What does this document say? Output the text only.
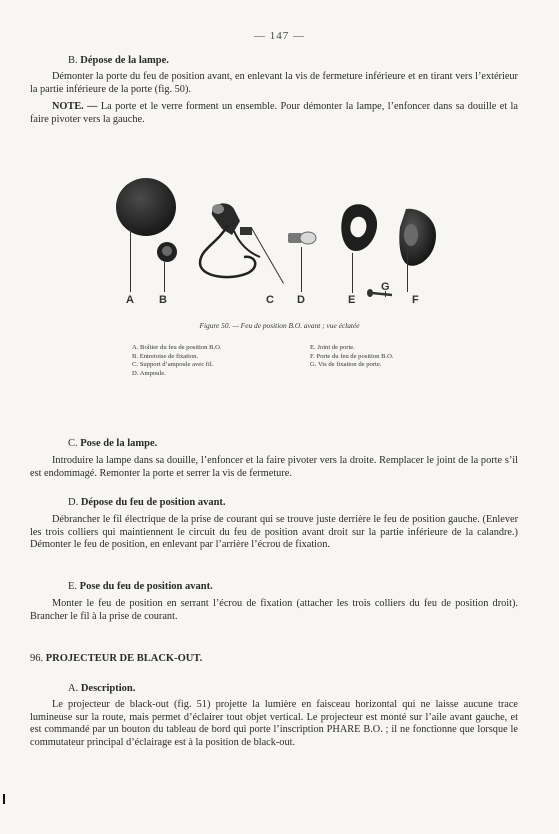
— 147 —
B. Dépose de la lampe.
Démonter la porte du feu de position avant, en enlevant la vis de fermeture inférieure et en tirant vers l’extérieur la partie inférieure de la porte (fig. 50).
NOTE. — La porte et le verre forment un ensemble. Pour démonter la lampe, l’enfoncer dans sa douille et la faire pivoter vers la gauche.
A B	C D	E
G
F
Figure 50. — Feu de position B.O. avant ; vue éclatée
A. Boîtier du feu de position B.O.
B. Entretoise de fixation.
C. Support d’ampoule avec fil.
D. Ampoule.
E. Joint de porte.
F. Porte du feu de position B.O.
G. Vis de fixation de porte.
C. Pose de la lampe.
Introduire la lampe dans sa douille, l’enfoncer et la faire pivoter vers la droite. Remplacer le joint de la porte s’il est endommagé. Remonter la porte et serrer la vis de fermeture.
D. Dépose du feu de position avant.
Débrancher le fil électrique de la prise de courant qui se trouve juste derrière le feu de position gauche. (Enlever les trois colliers qui maintiennent le circuit du feu de position avant droit sur la partie inférieure de la calandre.) Démonter le feu de position, en enlevant par l’arrière l’écrou de fixation.
E. Pose du feu de position avant.
Monter le feu de position en serrant l’écrou de fixation (attacher les trois colliers du feu de position droit). Brancher le fil à la prise de courant.
96. PROJECTEUR DE BLACK-OUT.
A. Description.
Le projecteur de black-out (fig. 51) projette la lumière en faisceau horizontal qui ne laisse aucune trace lumineuse sur la route, mais permet d’éclairer tout objet vertical. Le projecteur est monté sur l’aile avant gauche, et est commandé par un bouton du tableau de bord qui porte l’inscription PHARE B.O. ; il ne fonctionne que lorsque le commutateur principal d’éclairage est à la position de black-out.
